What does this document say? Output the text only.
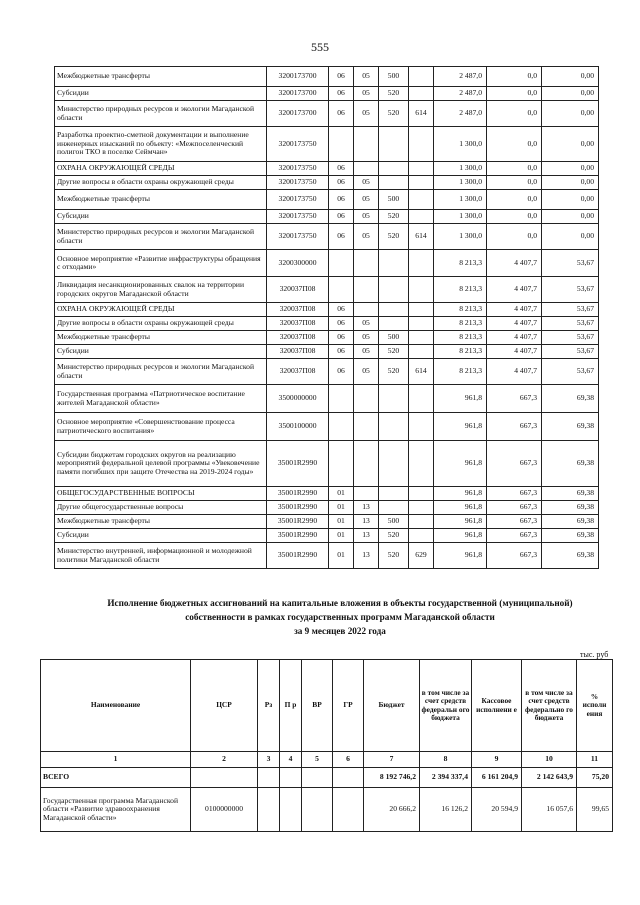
555
Межбюджетные трансферты	3200173700	06	05	500		2 487,0	0,0	0,00
Субсидии	3200173700	06	05	520		2 487,0	0,0	0,00
Министерство природных ресурсов и экологии Магаданской области	3200173700	06	05	520	614	2 487,0	0,0	0,00
Разработка проектно-сметной документации и выполнение инженерных изысканий по объекту: «Межпоселенческий полигон ТКО в поселке Сеймчан»	3200173750					1 300,0	0,0	0,00
ОХРАНА ОКРУЖАЮЩЕЙ СРЕДЫ	3200173750	06				1 300,0	0,0	0,00
Другие вопросы в области охраны окружающей среды	3200173750	06	05			1 300,0	0,0	0,00
Межбюджетные трансферты	3200173750	06	05	500		1 300,0	0,0	0,00
Субсидии	3200173750	06	05	520		1 300,0	0,0	0,00
Министерство природных ресурсов и экологии Магаданской области	3200173750	06	05	520	614	1 300,0	0,0	0,00
Основное мероприятие «Развитие инфраструктуры обращения с отходами»	3200300000					8 213,3	4 407,7	53,67
Ликвидация несанкционированных свалок на территории городских округов Магаданской области	320037П08					8 213,3	4 407,7	53,67
ОХРАНА ОКРУЖАЮЩЕЙ СРЕДЫ	320037П08	06				8 213,3	4 407,7	53,67
Другие вопросы в области охраны окружающей среды	320037П08	06	05			8 213,3	4 407,7	53,67
Межбюджетные трансферты	320037П08	06	05	500		8 213,3	4 407,7	53,67
Субсидии	320037П08	06	05	520		8 213,3	4 407,7	53,67
Министерство природных ресурсов и экологии Магаданской области	320037П08	06	05	520	614	8 213,3	4 407,7	53,67
Государственная программа «Патриотическое воспитание жителей Магаданской области»	3500000000					961,8	667,3	69,38
Основное мероприятие «Совершенствование процесса патриотического воспитания»	3500100000					961,8	667,3	69,38
Субсидии бюджетам городских округов на реализацию мероприятий федеральной целевой программы «Увековечение памяти погибших при защите Отечества на 2019-2024 годы»	35001R2990					961,8	667,3	69,38
ОБЩЕГОСУДАРСТВЕННЫЕ ВОПРОСЫ	35001R2990	01				961,8	667,3	69,38
Другие общегосударственные вопросы	35001R2990	01	13			961,8	667,3	69,38
Межбюджетные трансферты	35001R2990	01	13	500		961,8	667,3	69,38
Субсидии	35001R2990	01	13	520		961,8	667,3	69,38
Министерство внутренней, информационной и молодежной политики Магаданской области	35001R2990	01	13	520	629	961,8	667,3	69,38
Исполнение бюджетных ассигнований на капитальные вложения в объекты государственной (муниципальной)
собственности в рамках государственных программ Магаданской области
за 9 месяцев 2022 года
тыс. руб
Наименование	ЦСР	Рз	П р	ВР	ГР	Бюджет	в том числе за счет средств федеральн ого бюджета	Кассовое исполнени е	в том числе за счет средств федерально го бюджета	% исполн ения
1	2	3	4	5	6	7	8	9	10	11
ВСЕГО						8 192 746,2	2 394 337,4	6 161 204,9	2 142 643,9	75,20
Государственная программа Магаданской области «Развитие здравоохранения Магаданской области»	0100000000					20 666,2	16 126,2	20 594,9	16 057,6	99,65
